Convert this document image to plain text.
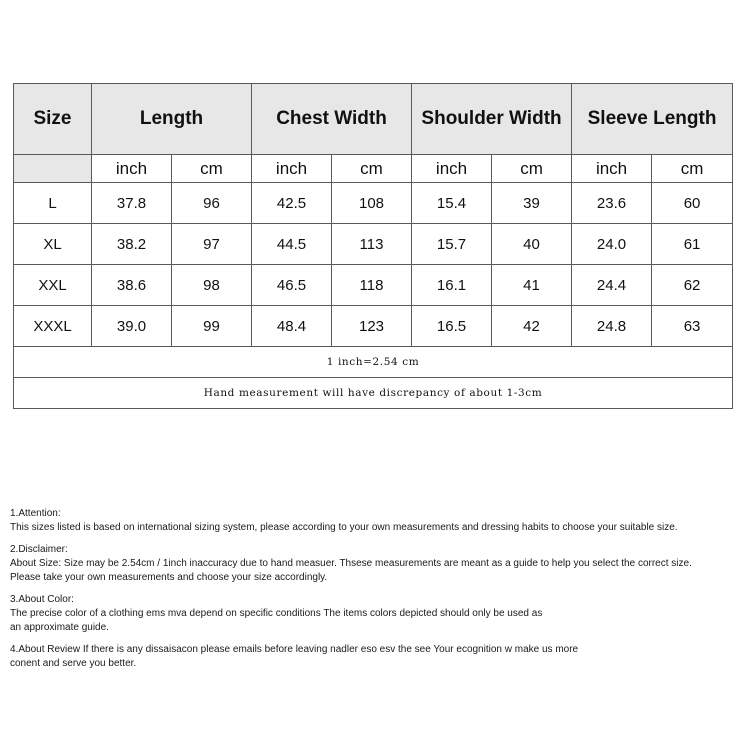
Size	Length		Chest Width		Shoulder Width		Sleeve Length	
	inch	cm	inch	cm	inch	cm	inch	cm
L	37.8	96	42.5	108	15.4	39	23.6	60
XL	38.2	97	44.5	113	15.7	40	24.0	61
XXL	38.6	98	46.5	118	16.1	41	24.4	62
XXXL	39.0	99	48.4	123	16.5	42	24.8	63
1 inch=2.54 cm								
Hand measurement will have discrepancy of about 1-3cm								
1.Attention:
This sizes listed is based on international sizing system, please according to your own measurements and dressing habits to choose your suitable size.
2.Disclaimer:
About Size: Size may be 2.54cm / 1inch inaccuracy due to hand measuer. Thsese measurements are meant as a guide to help you select the correct size.
Please take your own measurements and choose your size accordingly.
3.About Color:
The precise color of a clothing ems mva depend on specific conditions The items colors depicted should only be used as
an approximate guide.
4.About Review If there is any dissaisacon please emails before leaving nadler eso esv the see Your ecognition w make us more
conent and serve you better.
